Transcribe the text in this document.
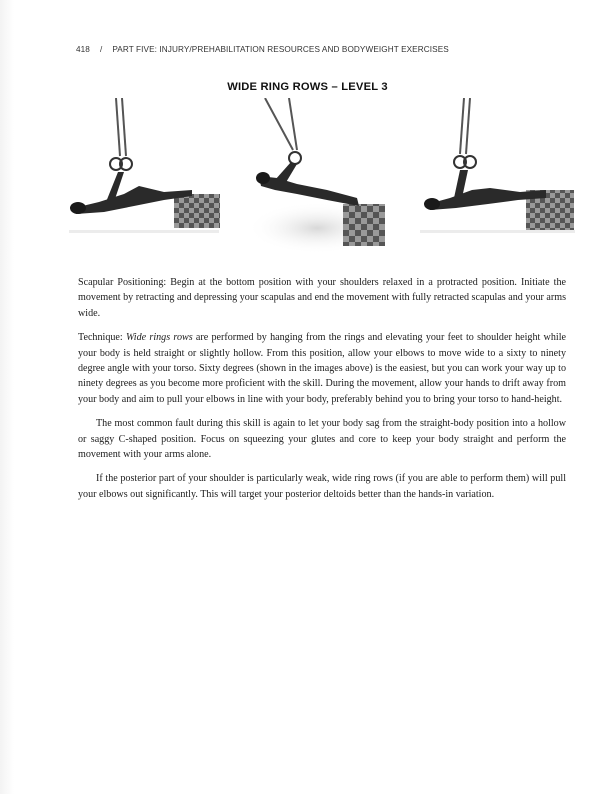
418 / PART FIVE: INJURY/PREHABILITATION RESOURCES AND BODYWEIGHT EXERCISES
WIDE RING ROWS – LEVEL 3

Scapular Positioning: Begin at the bottom position with your shoulders relaxed in a protracted position. Initiate the movement by retracting and depressing your scapulas and end the movement with fully retracted scapulas and your arms wide.

Technique: Wide rings rows are performed by hanging from the rings and elevating your feet to shoulder height while your body is held straight or slightly hollow. From this position, allow your elbows to move wide to a sixty to ninety degree angle with your torso. Sixty degrees (shown in the images above) is the easiest, but you can work your way up to ninety degrees as you become more proficient with the skill. During the movement, allow your hands to drift away from your body and aim to pull your elbows in line with your body, preferably behind you to bring your torso to hand-height.

The most common fault during this skill is again to let your body sag from the straight-body position into a hollow or saggy C-shaped position. Focus on squeezing your glutes and core to keep your body straight and perform the movement with your arms alone.

If the posterior part of your shoulder is particularly weak, wide ring rows (if you are able to perform them) will pull your elbows out significantly. This will target your posterior deltoids better than the hands-in variation.
